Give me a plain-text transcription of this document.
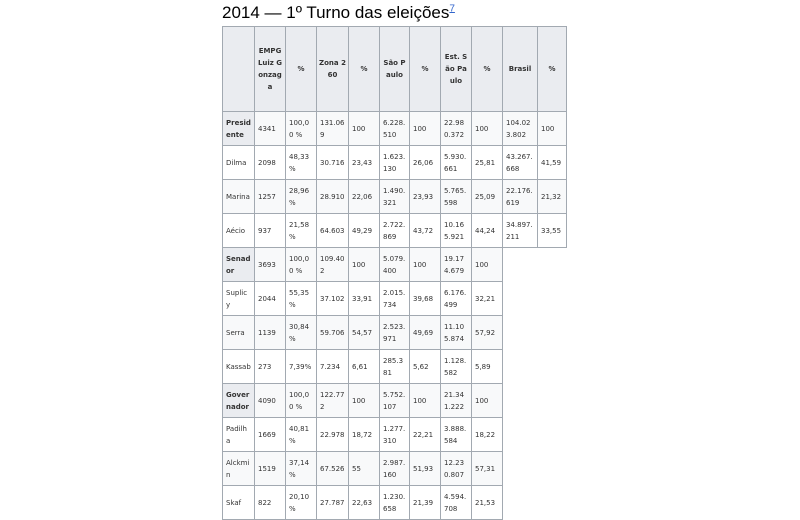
2014 — 1º Turno das eleições$^7$
	EMPG Luiz Gonzaga	%	Zona 260	%	São Paulo	%	Est. São Paulo	%	Brasil	%
Presidente	4341	100,00 %	131.069	100	6.228.510	100	22.980.372	100	104.023.802	100
Dilma	2098	48,33 %	30.716	23,43	1.623.130	26,06	5.930.661	25,81	43.267.668	41,59
Marina	1257	28,96 %	28.910	22,06	1.490.321	23,93	5.765.598	25,09	22.176.619	21,32
Aécio	937	21,58 %	64.603	49,29	2.722.869	43,72	10.165.921	44,24	34.897.211	33,55
Senador	3693	100,00 %	109.402	100	5.079.400	100	19.174.679	100		
Suplicy	2044	55,35 %	37.102	33,91	2.015.734	39,68	6.176.499	32,21		
Serra	1139	30,84 %	59.706	54,57	2.523.971	49,69	11.105.874	57,92		
Kassab	273	7,39%	7.234	6,61	285.381	5,62	1.128.582	5,89		
Governador	4090	100,00 %	122.772	100	5.752.107	100	21.341.222	100		
Padilha	1669	40,81 %	22.978	18,72	1.277.310	22,21	3.888.584	18,22		
Alckmin	1519	37,14 %	67.526	55	2.987.160	51,93	12.230.807	57,31		
Skaf	822	20,10 %	27.787	22,63	1.230.658	21,39	4.594.708	21,53		
